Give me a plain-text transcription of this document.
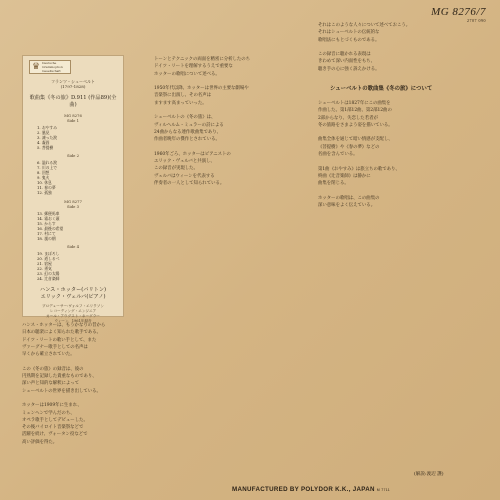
MG 8276/7
2707 090
♛ Deutsche
Grammophon
Gesellschaft
フランツ・シューベルト
(1797-1828)
歌曲集《冬の旅》D.911 (作品89)(全曲)
MG 8276
Side 1
1. おやすみ
2. 風見
3. 凍った涙
4. 凝固
5. 菩提樹
Side 2
6. 溢れる涙
7. 川の上で
8. 回想
9. 鬼火
10. 休息
11. 春の夢
12. 孤独
MG 8277
Side 3
13. 郵便馬車
14. 霜おく頭
15. からす
16. 最後の希望
17. 村にて
18. 嵐の朝
Side 4
19. まぼろし
20. 道しるべ
21. 宿屋
22. 勇気
23. 幻の太陽
24. 辻音楽師
ハンス・ホッター(バリトン)
エリック・ヴェルバ(ピアノ)
プロデューサー:ヴォルフ・エリクソン
レコーディング・エンジニア
カール・アウグスト・ネーグラー
ウィーン、1961年録音
ハンス・ホッターは、もうかなりの昔から
日本の聴衆によく知られた歌手である。
ドイツ・リートの歌い手として、また
ヴァーグナー歌手としての名声は
早くから確立されていた。

この《冬の旅》の録音は、彼の
円熟期を記録した貴重なものであり、
深い声と知的な解釈によって
シューベルトの世界を描き出している。

ホッターは1909年に生まれ、
ミュンヘンで学んだのち、
オペラ歌手としてデビューした。
その後バイロイト音楽祭などで
活躍を続け、ヴォータン役などで
高い評価を得た。
トーンとテクニックの両面を精密に分析したのち
ドイツ・リートを理解するうえで重要な
ホッターの歌唱について述べる。

1950年代以降、ホッターは世界の主要な劇場や
音楽祭に出演し、その名声は
ますます高まっていった。

シューベルトの《冬の旅》は、
ヴィルヘルム・ミュラーの詩による
24曲からなる連作歌曲集であり、
作曲者晩年の傑作とされている。

1960年ごろ、ホッターはピアニストの
エリック・ヴェルバと共演し、
この録音が実現した。
ヴェルバはウィーンを代表する
伴奏者の一人として知られている。
それはこのような人々について述べておこう。
それはシューベルトの伝統的な
歌唱法にもとづくものである。

この録音に聴かれる表現は
きわめて深い内面性をもち、
聴き手の心に強く訴えかける。
シューベルトの歌曲集《冬の旅》について
シューベルトは1827年にこの曲集を
作曲した。第1部12曲、第2部12曲の
2部からなり、失恋した若者が
冬の旅路をさまよう姿を描いている。

曲集全体を通じて暗い情感が支配し、
《菩提樹》や《春の夢》などの
名曲を含んでいる。

第1曲《おやすみ》は旅立ちの歌であり、
終曲《辻音楽師》は静かに
曲集を閉じる。

ホッターの歌唱は、この曲集の
深い意味をよく伝えている。
(解説:渡辺 護)
MANUFACTURED BY POLYDOR K.K., JAPAN M 7711
